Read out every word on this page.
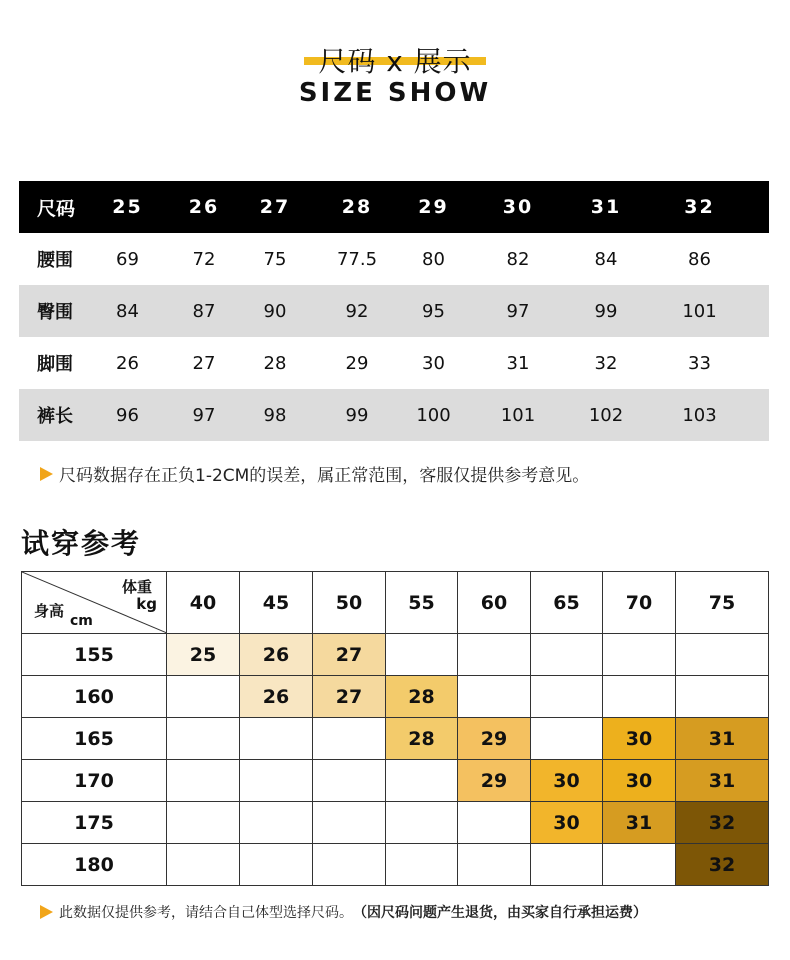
尺码 x 展示
SIZE SHOW
尺码	25	26	27	28	29	30	31	32
腰围	69	72	75	77.5	80	82	84	86
臀围	84	87	90	92	95	97	99	101
脚围	26	27	28	29	30	31	32	33
裤长	96	97	98	99	100	101	102	103
尺码数据存在正负1-2CM的误差，属正常范围，客服仅提供参考意见。
试穿参考
体重
kg
身高
cm	40	45	50	55	60	65	70	75
155	25	26	27					
160		26	27	28				
165				28	29		30	31
170					29	30	30	31
175						30	31	32
180								32
此数据仅提供参考，请结合自己体型选择尺码。 （因尺码问题产生退货，由买家自行承担运费）
